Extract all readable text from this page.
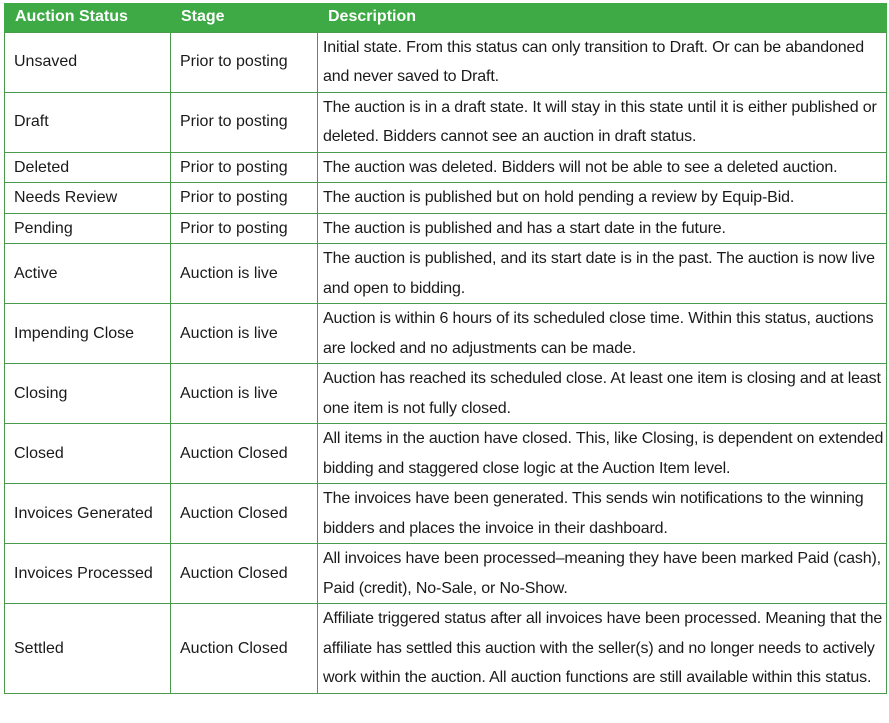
Auction Status	Stage	Description
Unsaved	Prior to posting	Initial state. From this status can only transition to Draft. Or can be abandoned and never saved to Draft.
Draft	Prior to posting	The auction is in a draft state. It will stay in this state until it is either published or deleted. Bidders cannot see an auction in draft status.
Deleted	Prior to posting	The auction was deleted. Bidders will not be able to see a deleted auction.
Needs Review	Prior to posting	The auction is published but on hold pending a review by Equip-Bid.
Pending	Prior to posting	The auction is published and has a start date in the future.
Active	Auction is live	The auction is published, and its start date is in the past. The auction is now live and open to bidding.
Impending Close	Auction is live	Auction is within 6 hours of its scheduled close time. Within this status, auctions are locked and no adjustments can be made.
Closing	Auction is live	Auction has reached its scheduled close. At least one item is closing and at least one item is not fully closed.
Closed	Auction Closed	All items in the auction have closed. This, like Closing, is dependent on extended bidding and staggered close logic at the Auction Item level.
Invoices Generated	Auction Closed	The invoices have been generated. This sends win notifications to the winning bidders and places the invoice in their dashboard.
Invoices Processed	Auction Closed	All invoices have been processed–meaning they have been marked Paid (cash), Paid (credit), No-Sale, or No-Show.
Settled	Auction Closed	Affiliate triggered status after all invoices have been processed. Meaning that the affiliate has settled this auction with the seller(s) and no longer needs to actively work within the auction. All auction functions are still available within this status.
